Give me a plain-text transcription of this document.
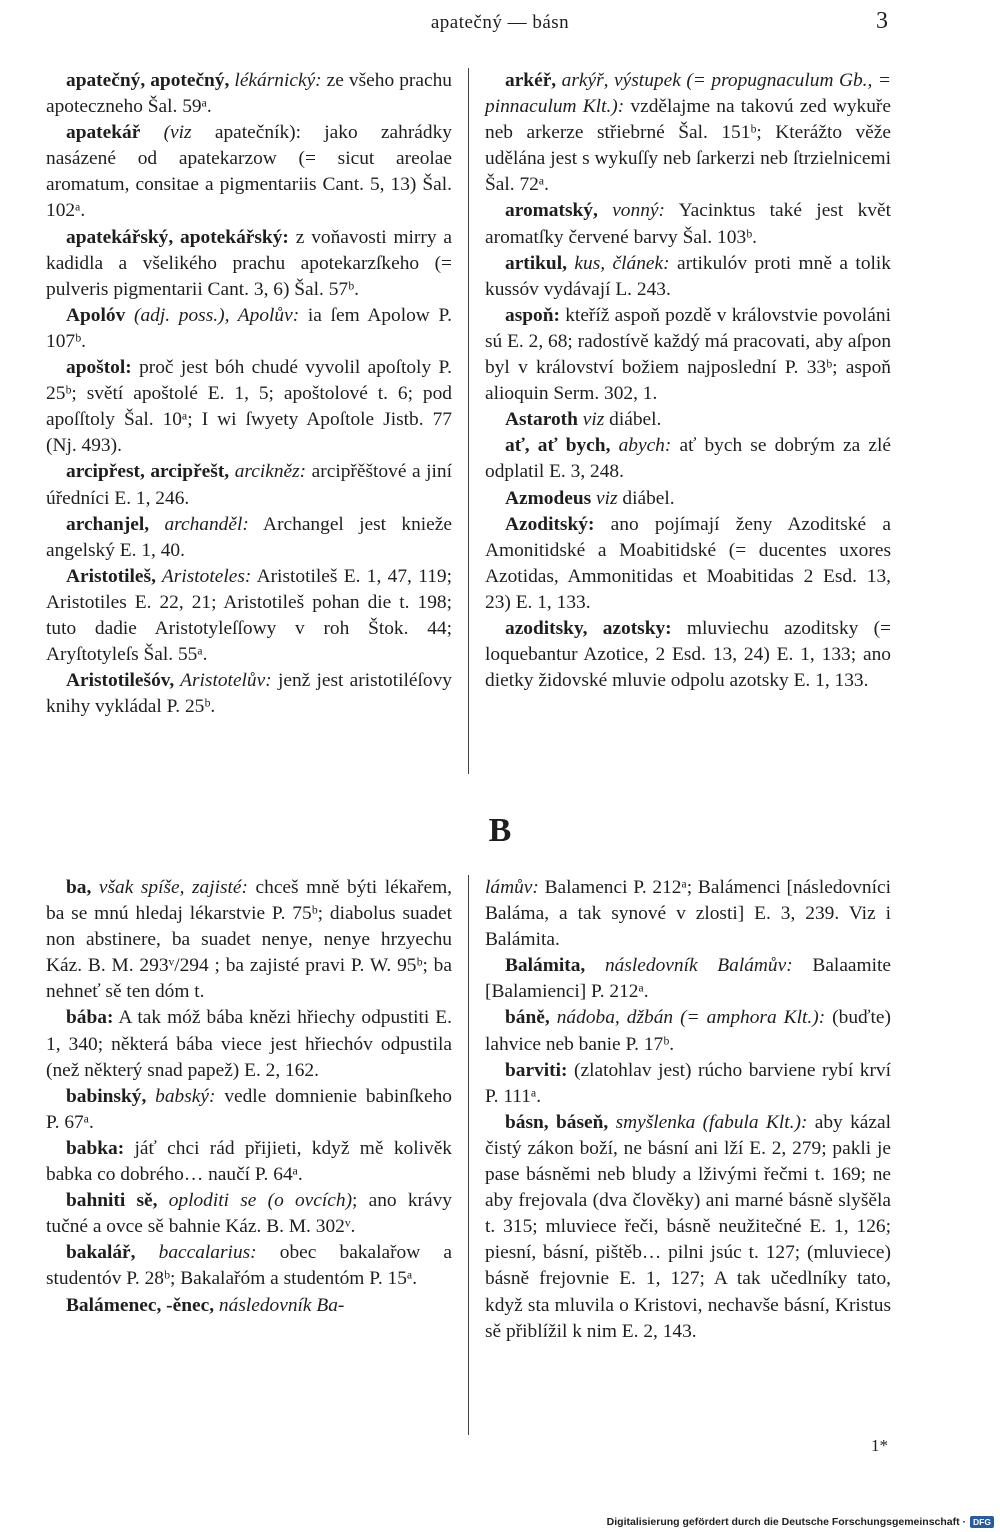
apatečný — básn	3
apatečný, apotečný, lékárnický: ze všeho prachu apoteczneho Šal. 59ᵃ.
apatekář (viz apatečník): jako zahrádky nasázené od apatekarzow (= sicut areolae aromatum, consitae a pigmentariis Cant. 5, 13) Šal. 102ᵃ.
apatekářský, apotekářský: z voňavosti mirry a kadidla a všelikého prachu apotekarzſkeho (= pulveris pigmentarii Cant. 3, 6) Šal. 57ᵇ.
Apolóv (adj. poss.), Apolův: ia ſem Apolow P. 107ᵇ.
apoštol: proč jest bóh chudé vyvolil apoſtoly P. 25ᵇ; světí apoštolé E. 1, 5; apoštolové t. 6; pod apoſſtoly Šal. 10ᵃ; I wi ſwyety Apoſtole Jistb. 77 (Nj. 493).
arcipřest, arcipřešt, arcikněz: arcipřěštové a jiní úředníci E. 1, 246.
archanjel, archanděl: Archangel jest knieže angelský E. 1, 40.
Aristotileš, Aristoteles: Aristotileš E. 1, 47, 119; Aristotiles E. 22, 21; Aristotileš pohan die t. 198; tuto dadie Aristotyleſſowy v roh Štok. 44; Aryſtotyleſs Šal. 55ᵃ.
Aristotilešóv, Aristotelův: jenž jest aristotiléſovy knihy vykládal P. 25ᵇ.
arkéř, arkýř, výstupek (= propugnaculum Gb., = pinnaculum Klt.): vzdělajme na takovú zed wykuře neb arkerze střiebrné Šal. 151ᵇ; Kterážto věže udělána jest s wykuſſy neb ſarkerzi neb ſtrzielnicemi Šal. 72ᵃ.
aromatský, vonný: Yacinktus také jest květ aromatſky červené barvy Šal. 103ᵇ.
artikul, kus, článek: artikulóv proti mně a tolik kussóv vydávají L. 243.
aspoň: kteříž aspoň pozdě v královstvie povoláni sú E. 2, 68; radostívě každý má pracovati, aby aſpon byl v království božiem najposlední P. 33ᵇ; aspoň alioquin Serm. 302, 1.
Astaroth viz diábel.
ať, ať bych, abych: ať bych se dobrým za zlé odplatil E. 3, 248.
Azmodeus viz diábel.
Azoditský: ano pojímají ženy Azoditské a Amonitidské a Moabitidské (= ducentes uxores Azotidas, Ammonitidas et Moabitidas 2 Esd. 13, 23) E. 1, 133.
azoditsky, azotsky: mluviechu azoditsky (= loquebantur Azotice, 2 Esd. 13, 24) E. 1, 133; ano dietky židovské mluvie odpolu azotsky E. 1, 133.
B
ba, však spíše, zajisté: chceš mně býti lékařem, ba se mnú hledaj lékarstvie P. 75ᵇ; diabolus suadet non abstinere, ba suadet nenye, nenye hrzyechu Káz. B. M. 293ᵛ/294 ; ba zajisté pravi P. W. 95ᵇ; ba nehneť sě ten dóm t.
bába: A tak móž bába knězi hřiechy odpustiti E. 1, 340; některá bába viece jest hřiechóv odpustila (než některý snad papež) E. 2, 162.
babinský, babský: vedle domnienie babinſkeho P. 67ᵃ.
babka: jáť chci rád přijieti, když mě kolivěk babka co dobrého… naučí P. 64ᵃ.
bahniti sě, oploditi se (o ovcích); ano krávy tučné a ovce sě bahnie Káz. B. M. 302ᵛ.
bakalář, baccalarius: obec bakalařow a studentóv P. 28ᵇ; Bakalařóm a studentóm P. 15ᵃ.
Balámenec, -ěnec, následovník Ba-
lámův: Balamenci P. 212ᵃ; Balámenci [následovníci Baláma, a tak synové v zlosti] E. 3, 239. Viz i Balámita.
Balámita, následovník Balámův: Balaamite [Balamienci] P. 212ᵃ.
báně, nádoba, džbán (= amphora Klt.): (buďte) lahvice neb banie P. 17ᵇ.
barviti: (zlatohlav jest) rúcho barviene rybí krví P. 111ᵃ.
básn, báseň, smyšlenka (fabula Klt.): aby kázal čistý zákon boží, ne básní ani lží E. 2, 279; pakli je pase básněmi neb bludy a lživými řečmi t. 169; ne aby frejovala (dva člověky) ani marné básně slyšěla t. 315; mluviece řeči, básně neužitečné E. 1, 126; piesní, básní, pištěb… pilni jsúc t. 127; (mluviece) básně frejovnie E. 1, 127; A tak učedlníky tato, když sta mluvila o Kristovi, nechavše básní, Kristus sě přiblížil k nim E. 2, 143.
1*
Digitalisierung gefördert durch die Deutsche Forschungsgemeinschaft · DFG
